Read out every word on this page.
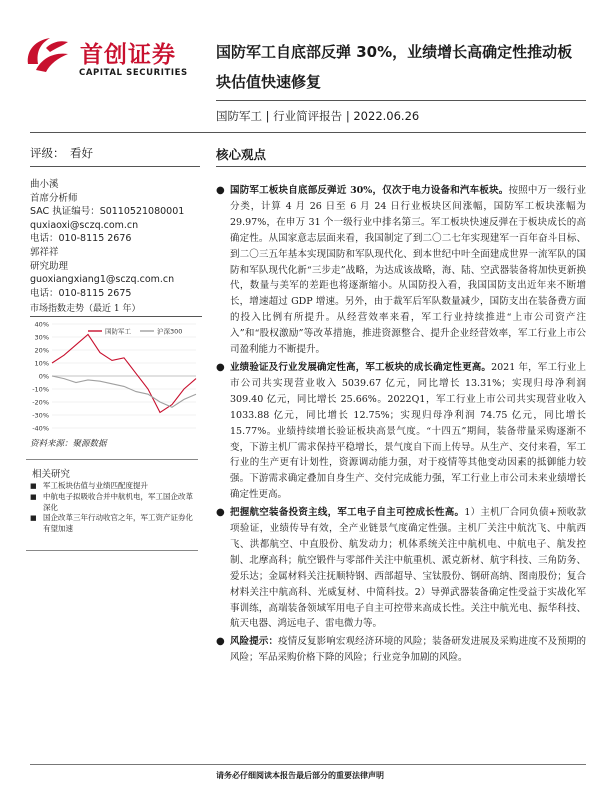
首创证券
CAPITAL SECURITIES
国防军工自底部反弹 30%，业绩增长高确定性推动板块估值快速修复
国防军工 | 行业简评报告 | 2022.06.26
评级： 看好	核心观点
曲小溪
首席分析师
SAC 执证编号：S0110521080001
quxiaoxi@sczq.com.cn
电话：010-8115 2676
郭祥祥
研究助理
guoxiangxiang1@sczq.com.cn
电话：010-8115 2675
市场指数走势（最近 1 年）
40%
30%
20%
10%
0%
-10%
-20%
-30%
-40%
国防军工	沪深300
资料来源：聚源数据
相关研究
■ 军工板块估值与业绩匹配度提升
■ 中航电子拟吸收合并中航机电，军工国企改革深化
■ 国企改革三年行动收官之年，军工资产证券化有望加速
● 国防军工板块自底部反弹近 30%，仅次于电力设备和汽车板块。按照中万一级行业分类，计算 4 月 26 日至 6 月 24 日行业板块区间涨幅，国防军工板块涨幅为 29.97%，在申万 31 个一级行业中排名第三。军工板块快速反弹在于板块成长的高确定性。从国家意志层面来看，我国制定了到二〇二七年实现建军一百年奋斗目标、到二〇三五年基本实现国防和军队现代化、到本世纪中叶全面建成世界一流军队的国防和军队现代化新“三步走”战略，为达成该战略，海、陆、空武器装备将加快更新换代，数量与美军的差距也将逐渐缩小。从国防投入看，我国国防支出近年来不断增长，增速超过 GDP 增速。另外，由于裁军后军队数量减少，国防支出在装备费方面的投入比例有所提升。从经营效率来看，军工行业持续推进“上市公司资产注入”和“股权激励”等改革措施，推进资源整合、提升企业经营效率，军工行业上市公司盈利能力不断提升。
● 业绩验证及行业发展确定性高，军工板块的成长确定性更高。2021 年，军工行业上市公司共实现营业收入 5039.67 亿元，同比增长 13.31%；实现归母净利润 309.40 亿元，同比增长 25.66%。2022Q1，军工行业上市公司共实现营业收入 1033.88 亿元，同比增长 12.75%；实现归母净利润 74.75 亿元，同比增长 15.77%。业绩持续增长验证板块高景气度。“十四五”期间，装备带量采购逐渐不变，下游主机厂需求保持平稳增长，景气度自下而上传导。从生产、交付来看，军工行业的生产更有计划性，资源调动能力强，对于疫情等其他变动因素的抵御能力较强。下游需求确定叠加自身生产、交付完成能力强，军工行业上市公司未来业绩增长确定性更高。
● 把握航空装备投资主线，军工电子自主可控成长性高。1）主机厂合同负债+预收款项验证，业绩传导有效，全产业链景气度确定性强。主机厂关注中航沈飞、中航西飞、洪都航空、中直股份、航发动力；机体系统关注中航机电、中航电子、航发控制、北摩高科；航空锻件与零部件关注中航重机、派克新材、航宇科技、三角防务、爱乐达；金属材料关注抚顺特钢、西部超导、宝钛股份、钢研高纳、图南股份；复合材料关注中航高科、光威复材、中简科技。2）导弹武器装备确定性受益于实战化军事训练，高端装备领域军用电子自主可控带来高成长性。关注中航光电、振华科技、航天电器、鸿远电子、雷电微力等。
● 风险提示：疫情反复影响宏观经济环境的风险；装备研发进展及采购进度不及预期的风险；军品采购价格下降的风险；行业竞争加剧的风险。
请务必仔细阅读本报告最后部分的重要法律声明
